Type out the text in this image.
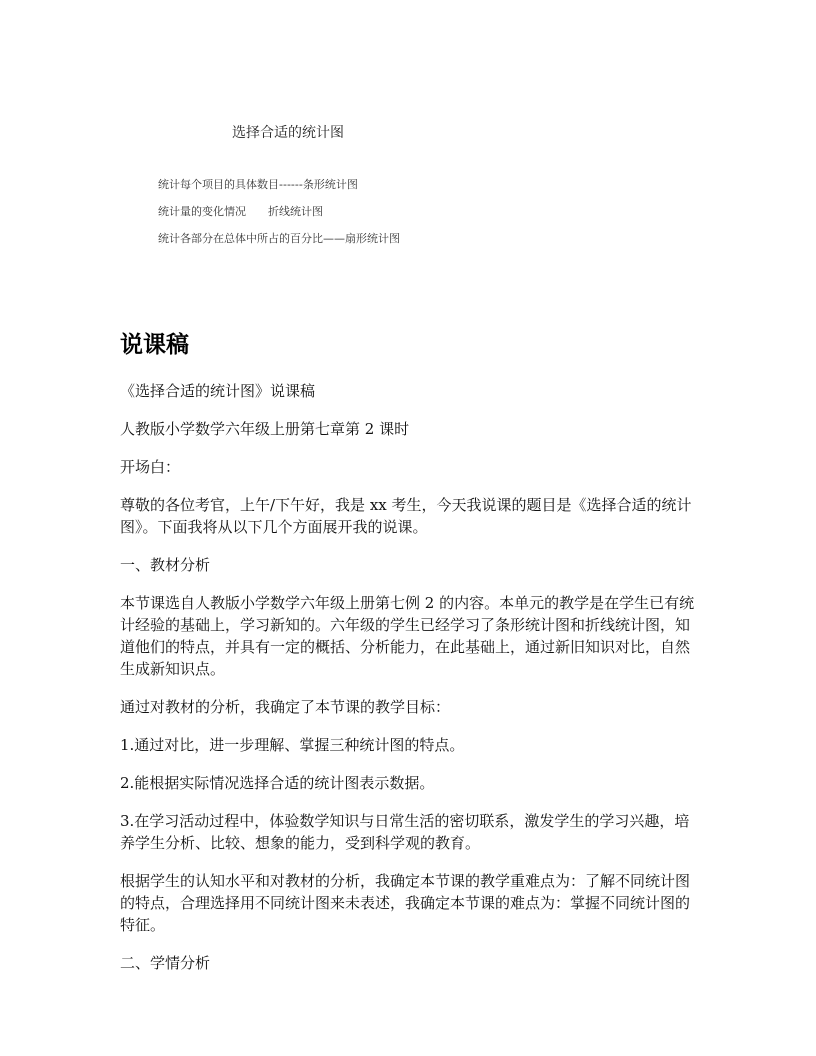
选择合适的统计图
统计每个项目的具体数目------条形统计图
统计量的变化情况　　折线统计图
统计各部分在总体中所占的百分比——扇形统计图
说课稿

《选择合适的统计图》说课稿

人教版小学数学六年级上册第七章第 2 课时

开场白：

尊敬的各位考官，上午/下午好，我是 xx 考生，今天我说课的题目是《选择合适的统计图》。下面我将从以下几个方面展开我的说课。

一、教材分析

本节课选自人教版小学数学六年级上册第七例 2 的内容。本单元的教学是在学生已有统计经验的基础上，学习新知的。六年级的学生已经学习了条形统计图和折线统计图，知道他们的特点，并具有一定的概括、分析能力，在此基础上，通过新旧知识对比，自然生成新知识点。

通过对教材的分析，我确定了本节课的教学目标：

1.通过对比，进一步理解、掌握三种统计图的特点。

2.能根据实际情况选择合适的统计图表示数据。

3.在学习活动过程中，体验数学知识与日常生活的密切联系，激发学生的学习兴趣，培养学生分析、比较、想象的能力，受到科学观的教育。

根据学生的认知水平和对教材的分析，我确定本节课的教学重难点为：了解不同统计图的特点，合理选择用不同统计图来未表述，我确定本节课的难点为：掌握不同统计图的特征。

二、学情分析
